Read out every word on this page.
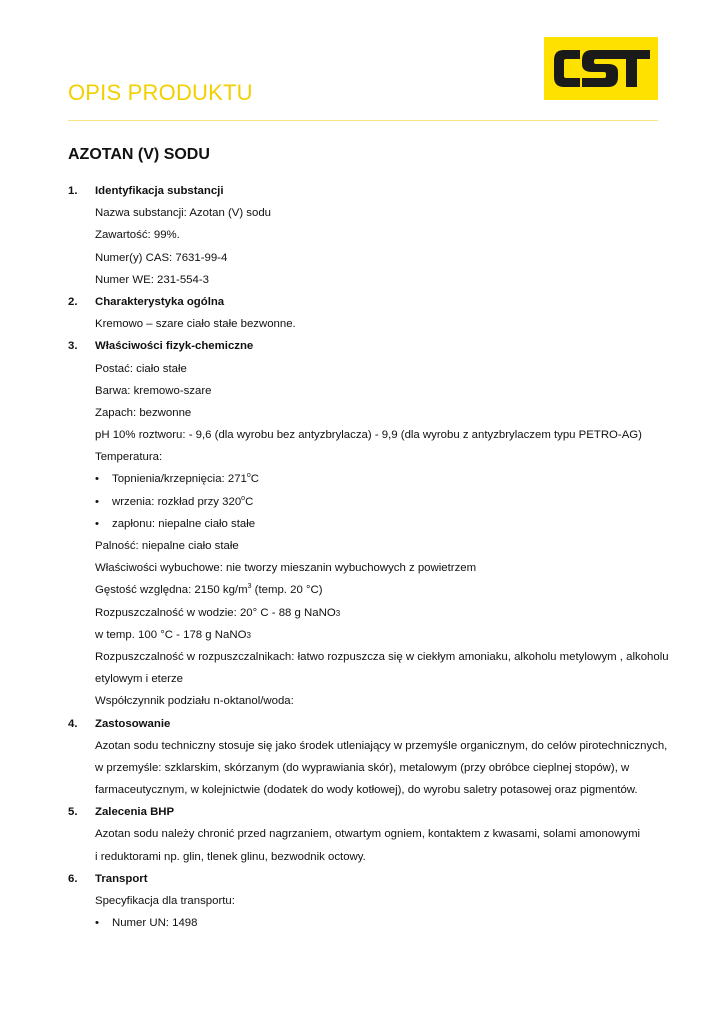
OPIS PRODUKTU
AZOTAN (V) SODU
1. Identyfikacja substancji
Nazwa substancji: Azotan (V) sodu
Zawartość: 99%.
Numer(y) CAS: 7631-99-4
Numer WE: 231-554-3
2. Charakterystyka ogólna
Kremowo – szare ciało stałe bezwonne.
3. Właściwości fizyk-chemiczne
Postać: ciało stałe
Barwa: kremowo-szare
Zapach: bezwonne
pH 10% roztworu: - 9,6 (dla wyrobu bez antyzbrylacza) - 9,9 (dla wyrobu z antyzbrylaczem typu PETRO-AG)
Temperatura:
• Topnienia/krzepnięcia: 271$^o$C
• wrzenia: rozkład przy 320$^o$C
• zapłonu: niepalne ciało stałe
Palność: niepalne ciało stałe
Właściwości wybuchowe: nie tworzy mieszanin wybuchowych z powietrzem
Gęstość względna: 2150 $kg/m^3$ (temp. 20 °C)
Rozpuszczalność w wodzie: 20° C - 88 g NaNO3
w temp. 100 °C - 178 g NaNO3
Rozpuszczalność w rozpuszczalnikach: łatwo rozpuszcza się w ciekłym amoniaku, alkoholu metylowym , alkoholu
etylowym i eterze
Współczynnik podziału n-oktanol/woda:
4. Zastosowanie
Azotan sodu techniczny stosuje się jako środek utleniający w przemyśle organicznym, do celów pirotechnicznych,
w przemyśle: szklarskim, skórzanym (do wyprawiania skór), metalowym (przy obróbce cieplnej stopów), w
farmaceutycznym, w kolejnictwie (dodatek do wody kotłowej), do wyrobu saletry potasowej oraz pigmentów.
5. Zalecenia BHP
Azotan sodu należy chronić przed nagrzaniem, otwartym ogniem, kontaktem z kwasami, solami amonowymi
i reduktorami np. glin, tlenek glinu, bezwodnik octowy.
6. Transport
Specyfikacja dla transportu:
• Numer UN: 1498
